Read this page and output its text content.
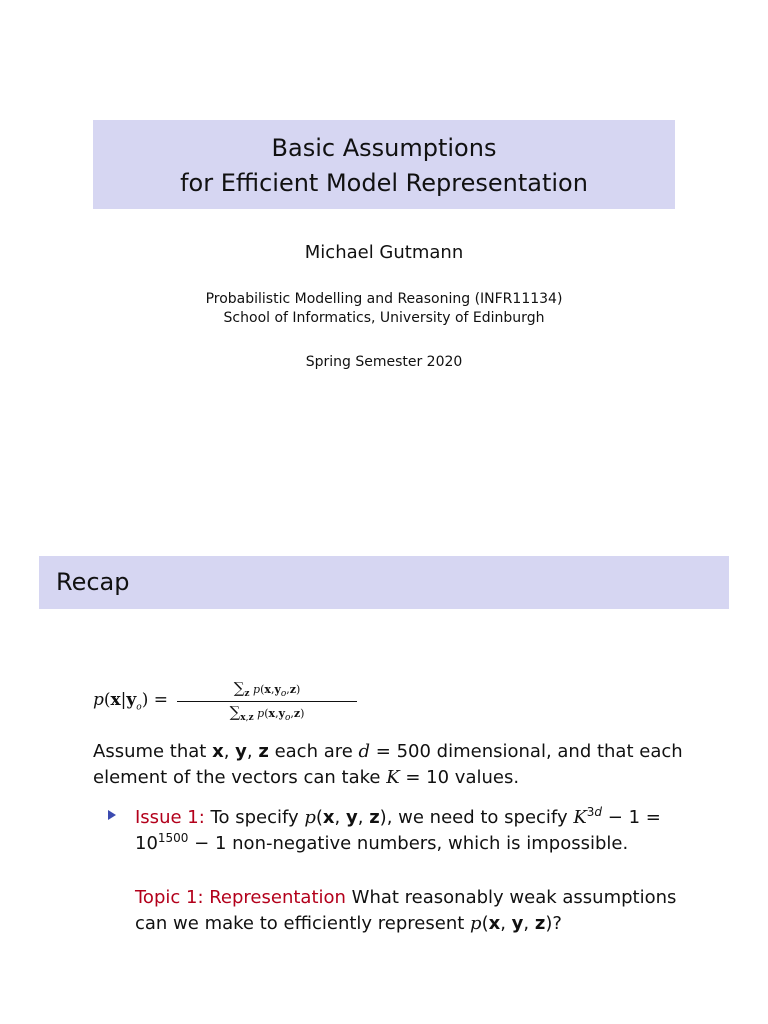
Basic Assumptions
for Efficient Model Representation
Michael Gutmann
Probabilistic Modelling and Reasoning (INFR11134)
School of Informatics, University of Edinburgh
Spring Semester 2020
Recap
$p(x|y_o) = \frac{\sum_z p(x,y_o,z)}{\sum_{x,z} p(x,y_o,z)}$
Assume that x, y, z each are d = 500 dimensional, and that each element of the vectors can take K = 10 values.
Issue 1: To specify p(x, y, z), we need to specify $K^{3d} - 1 = 10^{1500} - 1$ non-negative numbers, which is impossible.
Topic 1: Representation What reasonably weak assumptions can we make to efficiently represent p(x, y, z)?
